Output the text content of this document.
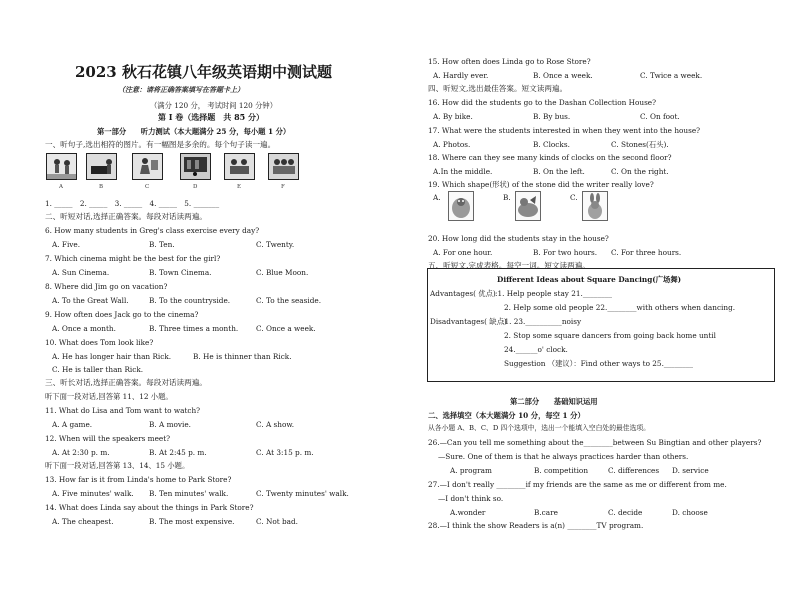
2023 秋石花镇八年级英语期中测试题
（注意：请将正确答案填写在答题卡上）
（满分 120 分， 考试时间 120 分钟）
第 I 卷（选择题　共 85 分）
第一部分　　听力测试（本大题满分 25 分，每小题 1 分）
一、听句子,选出相符的图片。有一幅图是多余的。每个句子读一遍。
A	B	C	D	E	F
1. _____　2. _____　3. _____　4. _____　5. _______
二、听短对话,选择正确答案。每段对话读两遍。
6. How many students in Greg's class exercise every day?
A. Five.	B. Ten.	C. Twenty.
7. Which cinema might be the best for the girl?
A. Sun Cinema.	B. Town Cinema.	C. Blue Moon.
8. Where did Jim go on vacation?
A. To the Great Wall.	B. To the countryside.	C. To the seaside.
9. How often does Jack go to the cinema?
A. Once a month.	B. Three times a month. C. Once a week.
10. What does Tom look like?
A. He has longer hair than Rick.	B. He is thinner than Rick.
C. He is taller than Rick.
三、听长对话,选择正确答案。每段对话读两遍。
听下面一段对话,回答第 11、12 小题。
11. What do Lisa and Tom want to watch?
A. A game.	B. A movie.	C. A show.
12. When will the speakers meet?
A. At 2:30 p. m.	B. At 2:45 p. m.	C. At 3:15 p. m.
听下面一段对话,回答第 13、14、15 小题。
13. How far is it from Linda's home to Park Store?
A. Five minutes' walk. B. Ten minutes' walk.	C. Twenty minutes' walk.
14. What does Linda say about the things in Park Store?
A. The cheapest.	B. The most expensive.	C. Not bad.
15. How often does Linda go to Rose Store?
A. Hardly ever.	B. Once a week.	C. Twice a week.
四、听短文,选出最佳答案。短文读两遍。
16. How did the students go to the Dashan Collection House?
A. By bike.	B. By bus.	C. On foot.
17. What were the students interested in when they went into the house?
A. Photos.	B. Clocks.	C. Stones(石头).
18. Where can they see many kinds of clocks on the second floor?
A.In the middle.	B. On the left.	C. On the right.
19. Which shape(形状) of the stone did the writer really love?
A.	B.	C.
20. How long did the students stay in the house?
A. For one hour.	B. For two hours. C. For three hours.
五、听短文,完成表格。每空一词。短文读两遍。
Different Ideas about Square Dancing(广场舞)
Advantages( 优点) :1. Help people stay 21.________
2. Help some old people 22.________with others when dancing.
Disadvantages( 缺点)
:1. 23.__________noisy
2. Stop some square dancers from going back home until
24.______o' clock.
Suggestion （建议）：Find other ways to 25.________
第二部分　　基础知识运用
二、选择填空（本大题满分 10 分，每空 1 分）
从各小题 A、B、C、D 四个选项中，选出一个能填入空白处的最佳选项。
26.—Can you tell me something about the________between Su Bingtian and other players?
—Sure. One of them is that he always practices harder than others.
A. program	B. competition	C. differences D. service
27.—I don't really ________if my friends are the same as me or different from me.
—I don't think so.
A.wonder	B.care	C. decide	D. choose
28.—I think the show Readers is a(n) ________TV program.
